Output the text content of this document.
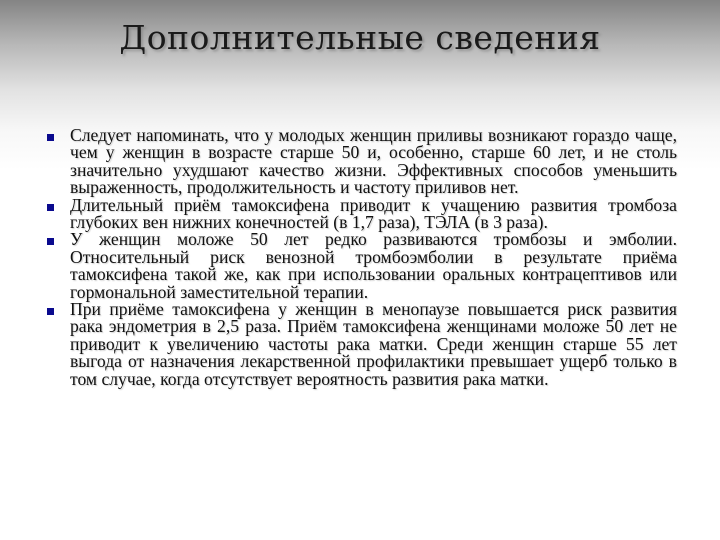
Дополнительные сведения
Следует напоминать, что у молодых женщин приливы возникают гораздо чаще, чем у женщин в возрасте старше 50 и, особенно, старше 60 лет, и не столь значительно ухудшают качество жизни. Эффективных способов уменьшить выраженность, продолжительность и частоту приливов нет.
Длительный приём тамоксифена приводит к учащению развития тромбоза глубоких вен нижних конечностей (в 1,7 раза), ТЭЛА (в 3 раза).
У женщин моложе 50 лет редко развиваются тромбозы и эмболии. Относительный риск венозной тромбоэмболии в результате приёма тамоксифена такой же, как при использовании оральных контрацептивов или гормональной заместительной терапии.
При приёме тамоксифена у женщин в менопаузе повышается риск развития рака эндометрия в 2,5 раза. Приём тамоксифена женщинами моложе 50 лет не приводит к увеличению частоты рака матки. Среди женщин старше 55 лет выгода от назначения лекарственной профилактики превышает ущерб только в том случае, когда отсутствует вероятность развития рака матки.
